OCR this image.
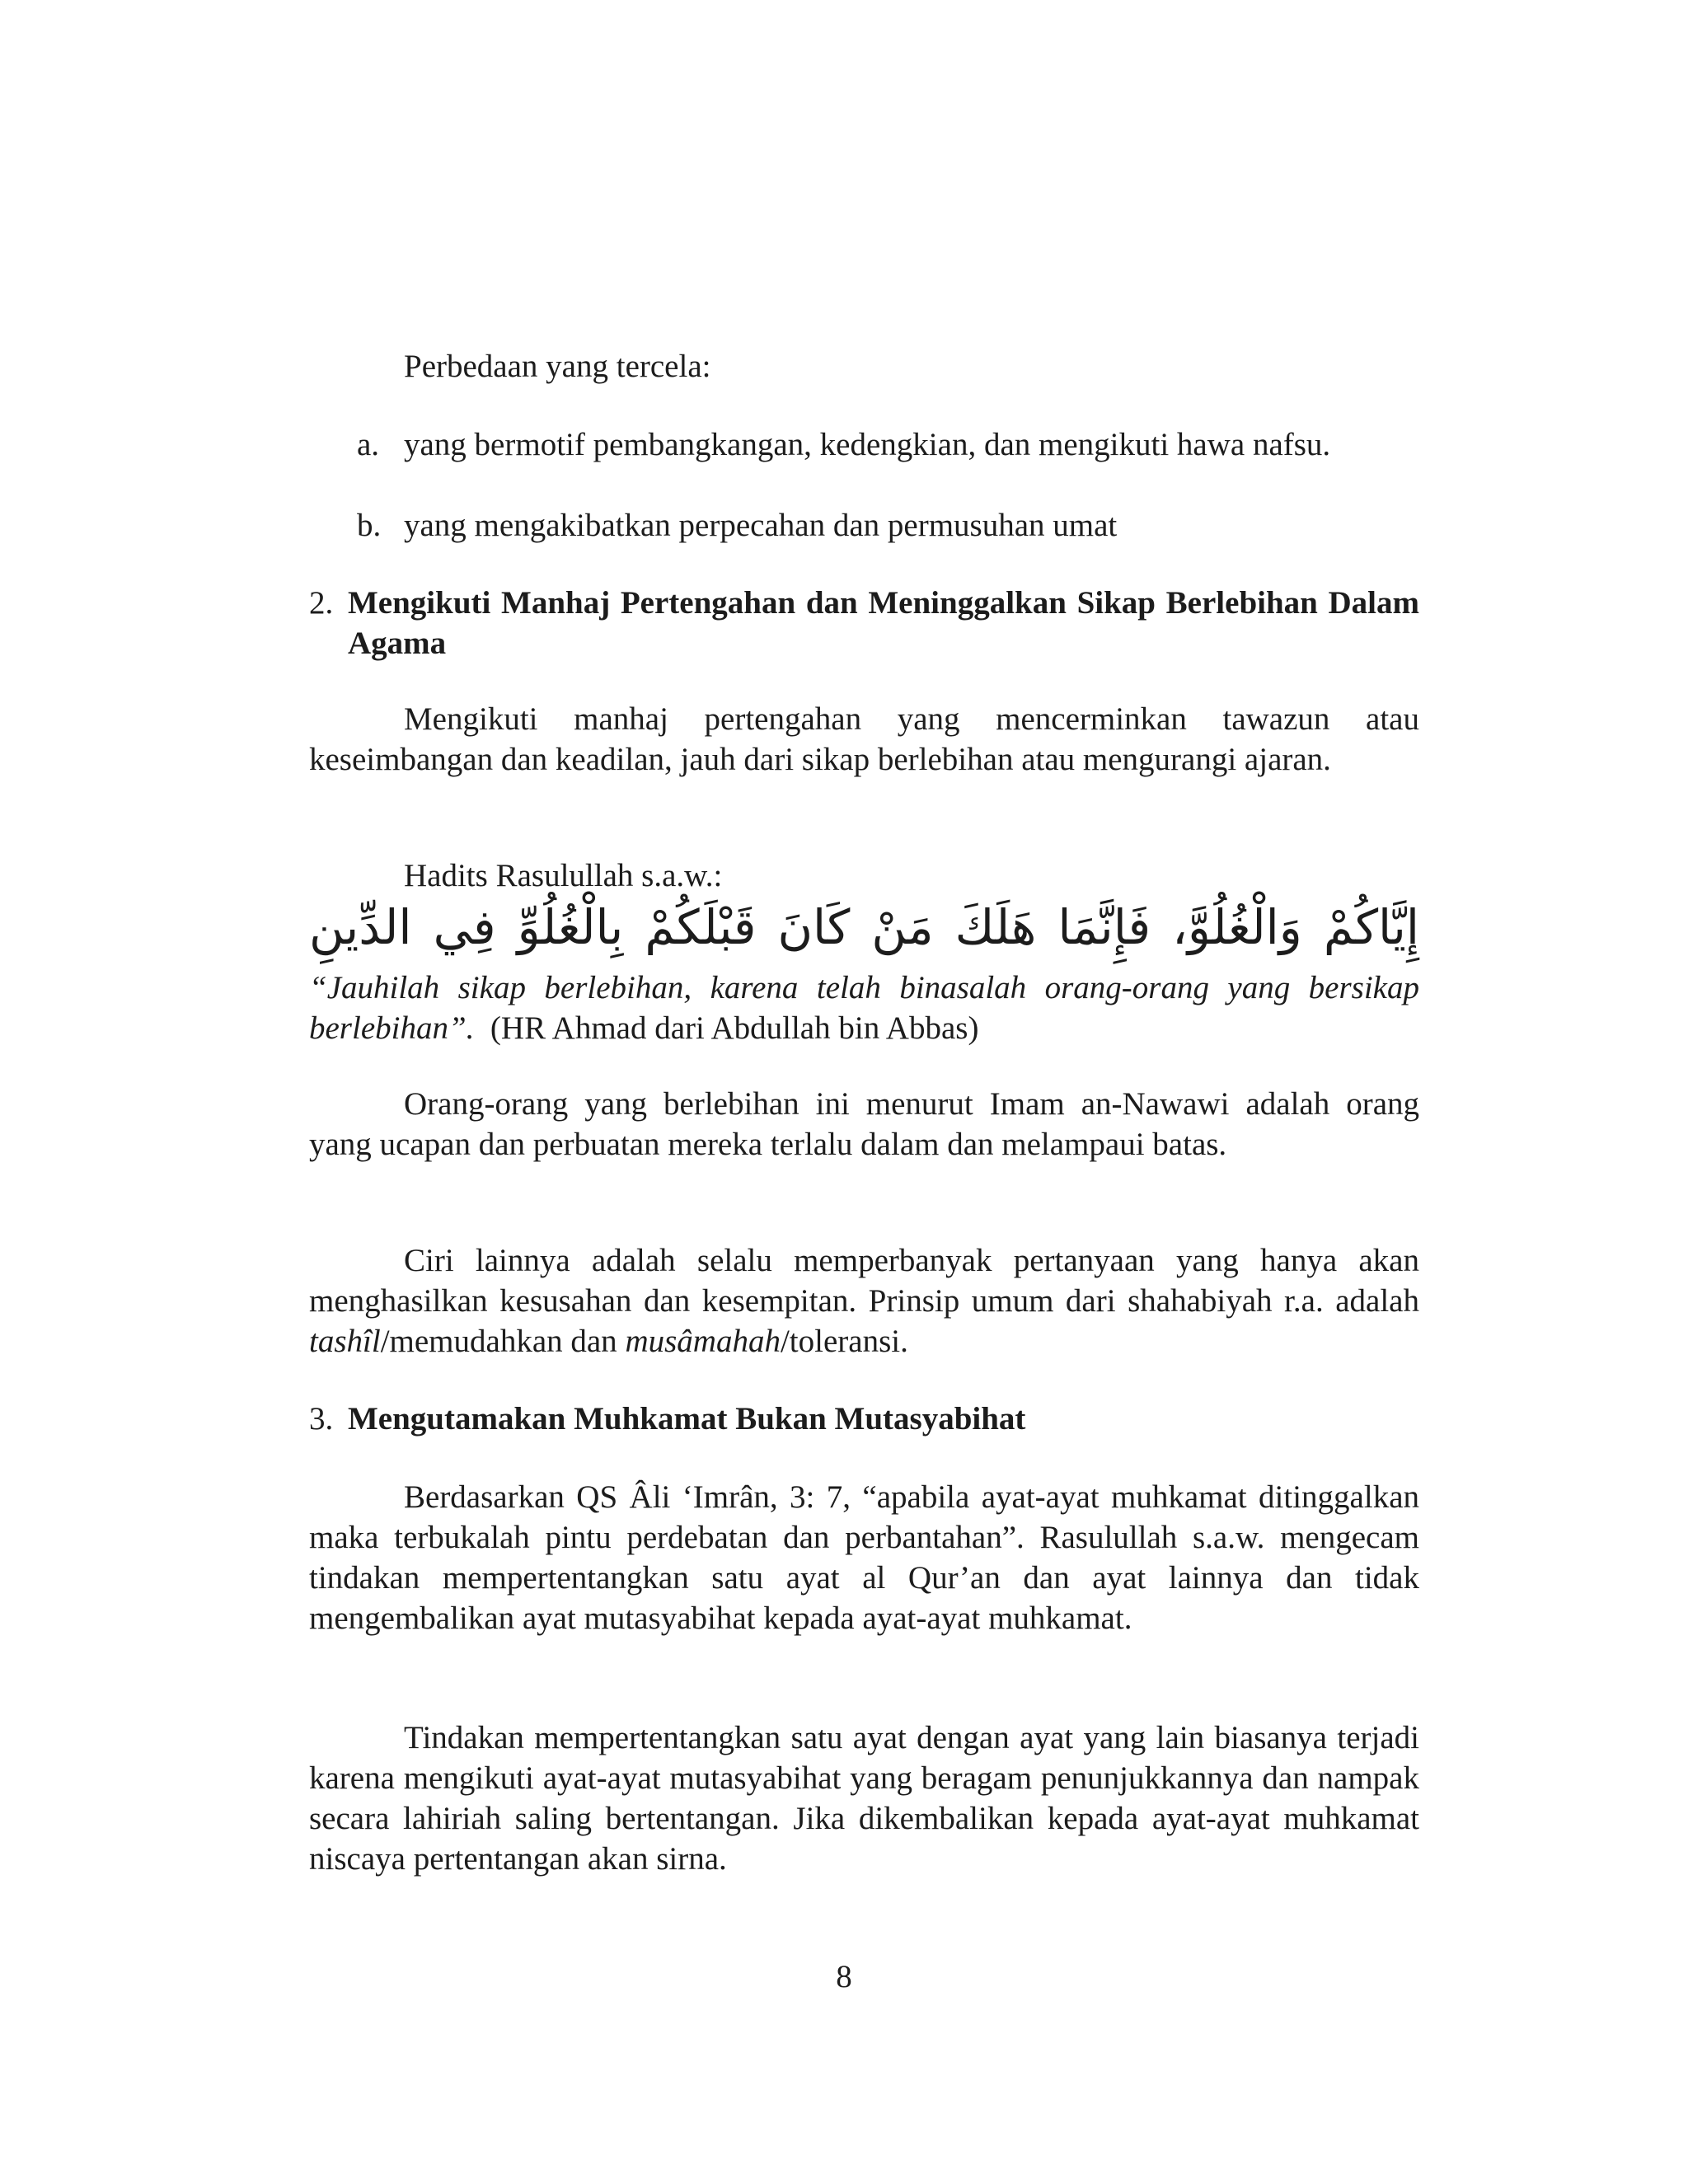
Perbedaan yang tercela:
a. yang bermotif pembangkangan, kedengkian, dan mengikuti hawa nafsu.
b. yang mengakibatkan perpecahan dan permusuhan umat
2. Mengikuti Manhaj Pertengahan dan Meninggalkan Sikap Berlebihan Dalam Agama
Mengikuti manhaj pertengahan yang mencerminkan tawazun atau keseimbangan dan keadilan, jauh dari sikap berlebihan atau mengurangi ajaran.
Hadits Rasulullah s.a.w.:
إِيَّاكُمْ وَالْغُلُوَّ، فَإِنَّمَا هَلَكَ مَنْ كَانَ قَبْلَكُمْ بِالْغُلُوِّ فِي الدِّينِ
“Jauhilah sikap berlebihan, karena telah binasalah orang-orang yang bersikap berlebihan”. (HR Ahmad dari Abdullah bin Abbas)
Orang-orang yang berlebihan ini menurut Imam an-Nawawi adalah orang yang ucapan dan perbuatan mereka terlalu dalam dan melampaui batas.
Ciri lainnya adalah selalu memperbanyak pertanyaan yang hanya akan menghasilkan kesusahan dan kesempitan. Prinsip umum dari shahabiyah r.a. adalah tashîl/memudahkan dan musâmahah/toleransi.
3. Mengutamakan Muhkamat Bukan Mutasyabihat
Berdasarkan QS Âli ‘Imrân, 3: 7, “apabila ayat-ayat muhkamat ditinggalkan maka terbukalah pintu perdebatan dan perbantahan”. Rasulullah s.a.w. mengecam tindakan mempertentangkan satu ayat al Qur’an dan ayat lainnya dan tidak mengembalikan ayat mutasyabihat kepada ayat-ayat muhkamat.
Tindakan mempertentangkan satu ayat dengan ayat yang lain biasanya terjadi karena mengikuti ayat-ayat mutasyabihat yang beragam penunjukkannya dan nampak secara lahiriah saling bertentangan. Jika dikembalikan kepada ayat-ayat muhkamat niscaya pertentangan akan sirna.
8
